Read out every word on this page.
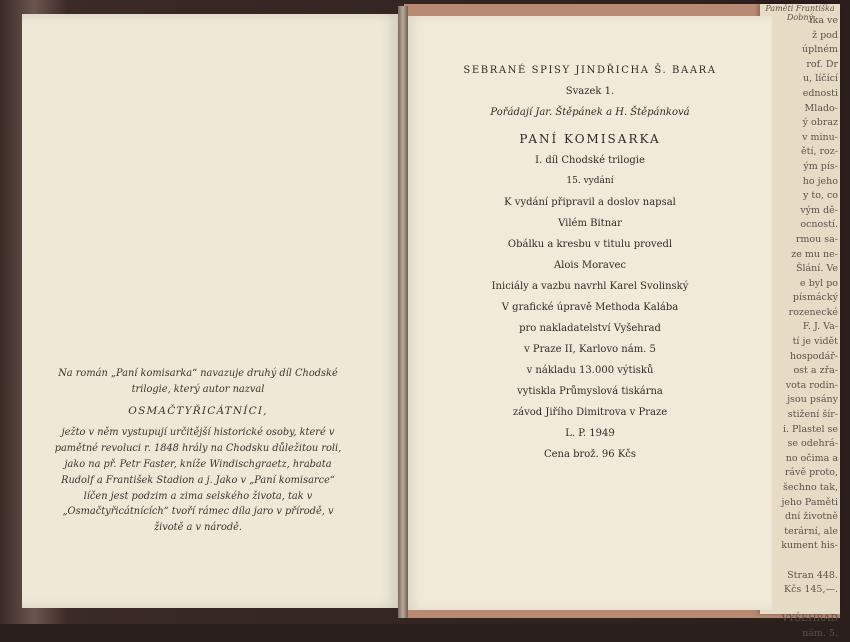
Paměti Františka Dobný
ika ve
ž pod
úplném
rof. Dr
u, líčící
ednosti
Mlado-
ý obraz
v minu-
ětí, roz-
ým pís-
ho jeho
y to, co
vým dě-
ocností.
rmou sa-
ze mu ne-
Šlání. Ve
e byl po
písmácký
rozenecké
F. J. Va-
tí je vidět
hospodář-
ost a zřa-
vota rodin-
jsou psány
stižení šír-
i. Plastel se
se odehrá-
no očima a
rávě proto,
šechno tak,
jeho Paměti
dní životně
terární, ale
kument his-

Stran 448.
Kčs 145,—.

VYŠEHRAD
nám. 5.
Na román „Paní komisarka“ navazuje druhý díl Chodské trilogie, který autor nazval
OSMAČTYŘICÁTNÍCI,
ježto v něm vystupují určitější historické osoby, které v pamětné revoluci r. 1848 hrály na Chodsku důležitou roli, jako na př. Petr Faster, kníže Windischgraetz, hrabata Rudolf a František Stadion a j. Jako v „Paní komisarce“ líčen jest podzim a zima selského života, tak v „Osmačtyřicátnících“ tvoří rámec díla jaro v přírodě, v životě a v národě.
SEBRANÉ SPISY JINDŘICHA Š. BAARA
Svazek 1.
Pořádají Jar. Štěpánek a H. Štěpánková
PANÍ KOMISARKA
I. díl Chodské trilogie
15. vydání
K vydání připravil a doslov napsal
Vilém Bitnar
Obálku a kresbu v titulu provedl
Alois Moravec
Iniciály a vazbu navrhl Karel Svolinský
V grafické úpravě Methoda Kalába
pro nakladatelství Vyšehrad
v Praze II, Karlovo nám. 5
v nákladu 13.000 výtisků
vytiskla Průmyslová tiskárna
závod Jiřího Dimitrova v Praze
L. P. 1949
Cena brož. 96 Kčs
